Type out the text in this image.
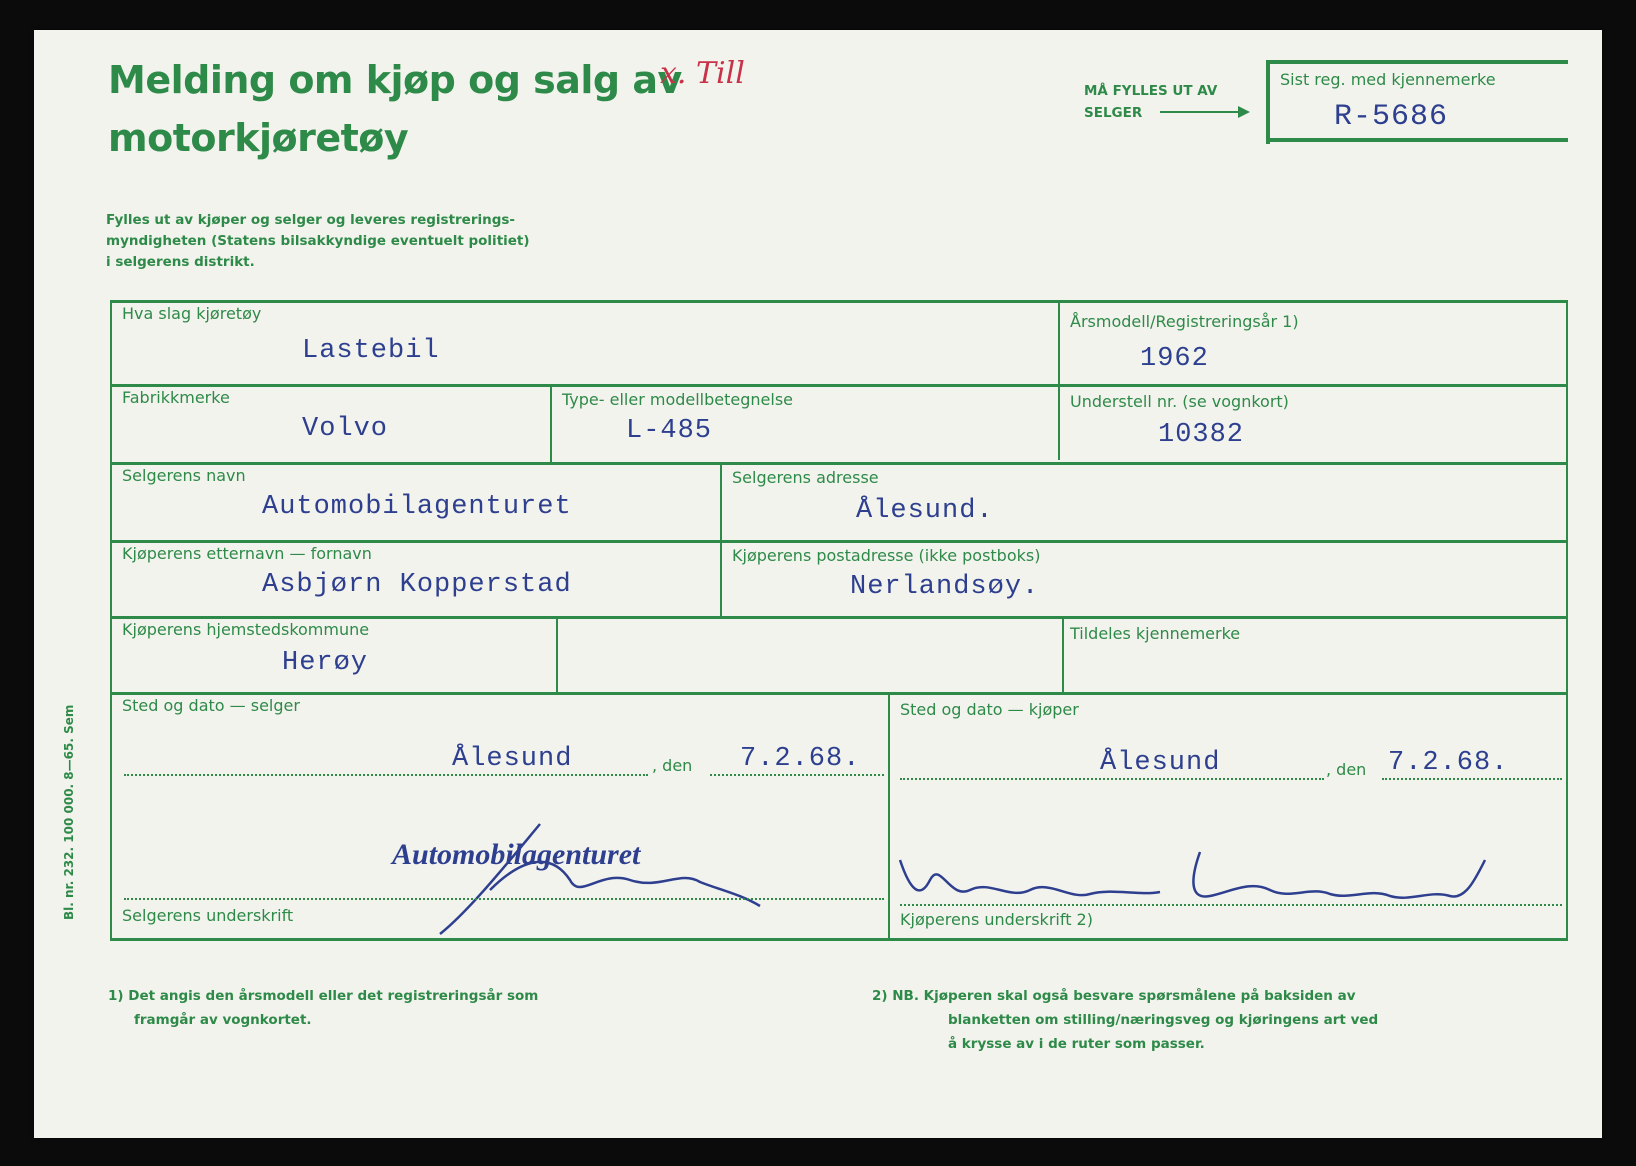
Melding om kjøp og salg av
motorkjøretøy
x. Till	MÅ FYLLES UT AV
SELGER
Sist reg. med kjennemerke
R-5686
Fylles ut av kjøper og selger og leveres registrerings-
myndigheten (Statens bilsakkyndige eventuelt politiet)
i selgerens distrikt.
Hva slag kjøretøy
Lastebil
Årsmodell/Registreringsår 1)
1962
Fabrikkmerke
Volvo
Type- eller modellbetegnelse
L-485
Understell nr. (se vognkort)
10382
Selgerens navn
Automobilagenturet
Selgerens adresse
Ålesund.
Kjøperens etternavn — fornavn
Asbjørn Kopperstad
Kjøperens postadresse (ikke postboks)
Nerlandsøy.
Kjøperens hjemstedskommune
Herøy
Tildeles kjennemerke
Sted og dato — selger
Ålesund	, den 7.2.68.
Automobilagenturet
Selgerens underskrift
Sted og dato — kjøper
Ålesund	, den 7.2.68.
Kjøperens underskrift 2)
Bl. nr. 232. 100 000. 8—65. Sem
1) Det angis den årsmodell eller det registreringsår som
framgår av vognkortet.
2) NB. Kjøperen skal også besvare spørsmålene på baksiden av
blanketten om stilling/næringsveg og kjøringens art ved
å krysse av i de ruter som passer.
